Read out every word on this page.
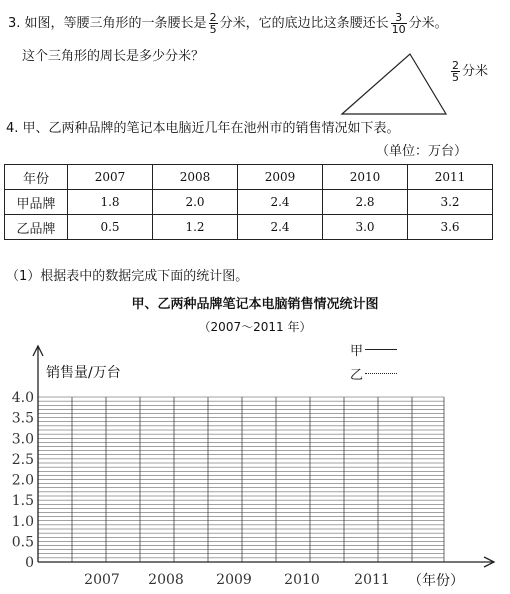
3. 如图，等腰三角形的一条腰长是 $\frac{2}{5}$ 分米，它的底边比这条腰还长 $\frac{3}{10}$ 分米。
这个三角形的周长是多少分米？
$\frac{2}{5}$ 分米
4. 甲、乙两种品牌的笔记本电脑近几年在池州市的销售情况如下表。
（单位：万台）
年份	2007	2008	2009	2010	2011
甲品牌	1.8	2.0	2.4	2.8	3.2
乙品牌	0.5	1.2	2.4	3.0	3.6
（1）根据表中的数据完成下面的统计图。
甲、乙两种品牌笔记本电脑销售情况统计图
（2007～2011 年）
甲
乙
销售量/万台
0
0.5
1.0
1.5
2.0
2.5
3.0
3.5
4.0
2007 2008 2009 2010 2011 （年份）
